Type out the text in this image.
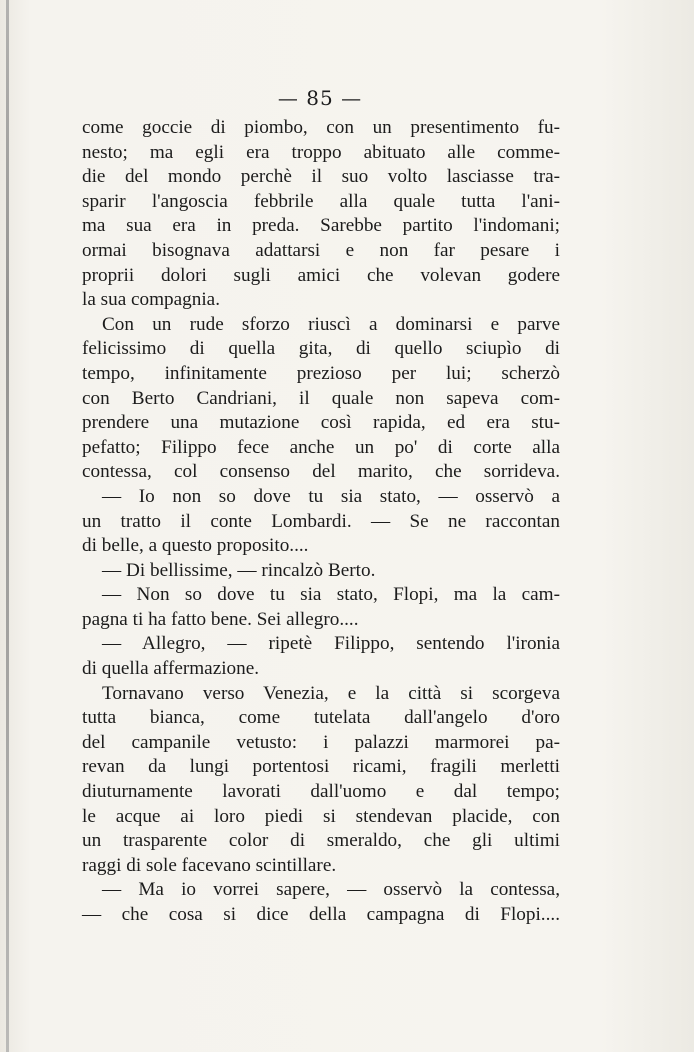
— 85 —
come goccie di piombo, con un presentimento fu-
nesto; ma egli era troppo abituato alle comme-
die del mondo perchè il suo volto lasciasse tra-
sparir l'angoscia febbrile alla quale tutta l'ani-
ma sua era in preda. Sarebbe partito l'indomani;
ormai bisognava adattarsi e non far pesare i
proprii dolori sugli amici che volevan godere
la sua compagnia.
Con un rude sforzo riuscì a dominarsi e parve
felicissimo di quella gita, di quello sciupìo di
tempo, infinitamente prezioso per lui; scherzò
con Berto Candriani, il quale non sapeva com-
prendere una mutazione così rapida, ed era stu-
pefatto; Filippo fece anche un po' di corte alla
contessa, col consenso del marito, che sorrideva.
— Io non so dove tu sia stato, — osservò a
un tratto il conte Lombardi. — Se ne raccontan
di belle, a questo proposito....
— Di bellissime, — rincalzò Berto.
— Non so dove tu sia stato, Flopi, ma la cam-
pagna ti ha fatto bene. Sei allegro....
— Allegro, — ripetè Filippo, sentendo l'ironia
di quella affermazione.
Tornavano verso Venezia, e la città si scorgeva
tutta bianca, come tutelata dall'angelo d'oro
del campanile vetusto: i palazzi marmorei pa-
revan da lungi portentosi ricami, fragili merletti
diuturnamente lavorati dall'uomo e dal tempo;
le acque ai loro piedi si stendevan placide, con
un trasparente color di smeraldo, che gli ultimi
raggi di sole facevano scintillare.
— Ma io vorrei sapere, — osservò la contessa,
— che cosa si dice della campagna di Flopi....
